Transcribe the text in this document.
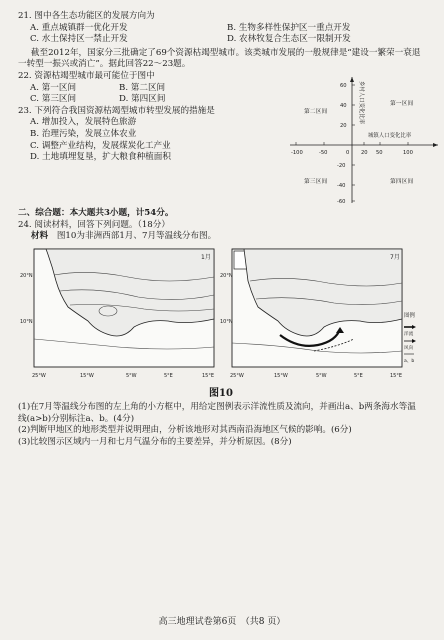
21. 图中各生态功能区的发展方向为
A. 重点城镇群一优化开发	B. 生物多样性保护区一重点开发
C. 水土保持区一禁止开发	D. 农林牧复合生态区一限制开发
截至2012年，国家分三批确定了69个资源枯竭型城市。该类城市发展的一般规律是“建设一繁荣一衰退一转型一振兴或消亡”。据此回答22～23题。
22. 资源枯竭型城市最可能位于图中
A. 第一区间	B. 第二区间
C. 第三区间	D. 第四区间
23. 下列符合我国资源枯竭型城市转型发展的措施是
A. 增加投入，发展特色旅游
B. 治理污染，发展立体农业
C. 调整产业结构，发展煤炭化工产业
D. 土地填埋复垦，扩大粮食种植面积	-100	-50	0 20 50	100
60
40
20
-20
-40
-60
乡村人口变化比率
城镇人口变化比率
第一区间
第二区间
第三区间	第四区间
二、综合题：本大题共3小题，计54分。
24. 阅读材料，回答下列问题。（18分）
材料 图10为非洲西部1月、7月等温线分布图。
1月
20°N
10°N
25°W	15°W	5°W	5°E	15°E
7月
20°N
10°N
25°W	15°W	5°W	5°E	15°E
图例
洋流
风向
a、b
图10
(1)在7月等温线分布图的左上角的小方框中，用给定图例表示洋流性质及流向，并画出a、b两条海水等温线(a>b)分别标注a、b。(4分)
(2)判断甲地区的地形类型并说明理由，分析该地形对其西南沿海地区气候的影响。(6分)
(3)比较图示区域内一月和七月气温分布的主要差异，并分析原因。(8分)
高三地理试卷第6页　（共8 页）
